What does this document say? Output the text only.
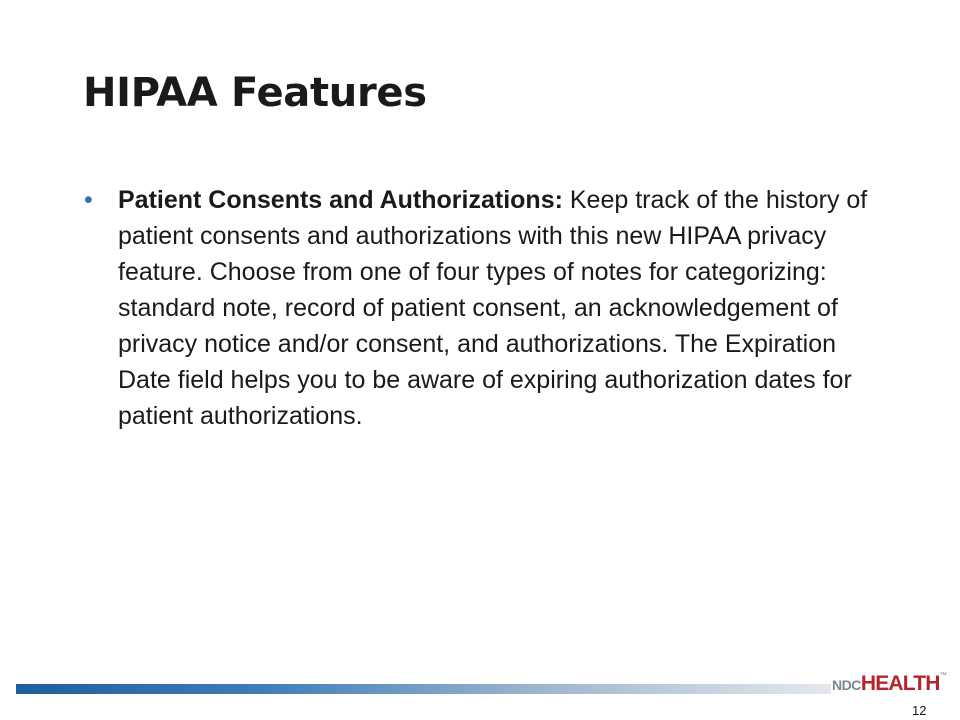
HIPAA Features
• Patient Consents and Authorizations: Keep track of the history of patient consents and authorizations with this new HIPAA privacy feature. Choose from one of four types of notes for categorizing: standard note, record of patient consent, an acknowledgement of privacy notice and/or consent, and authorizations. The Expiration Date field helps you to be aware of expiring authorization dates for patient authorizations.
NDCHEALTH™
12
